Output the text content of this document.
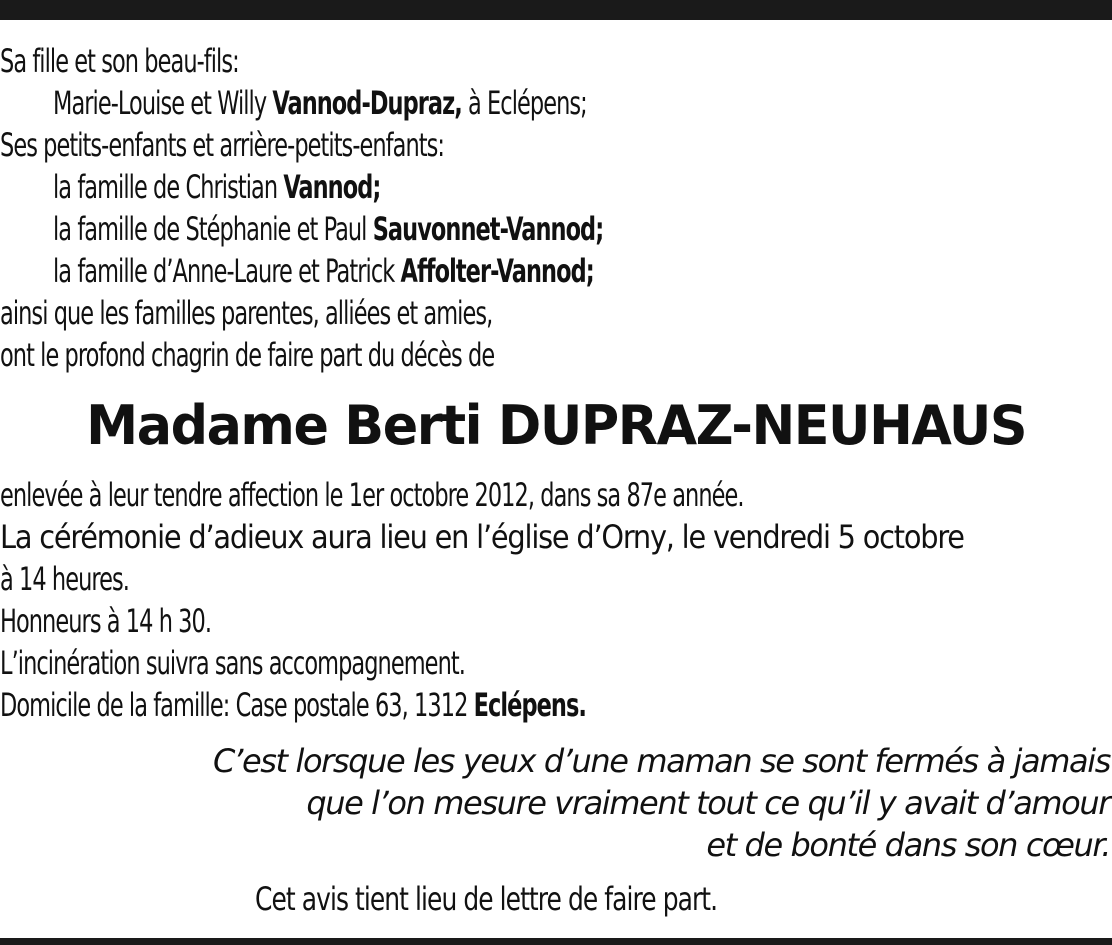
Sa fille et son beau-fils:
Marie-Louise et Willy Vannod-Dupraz, à Eclépens;
Ses petits-enfants et arrière-petits-enfants:
la famille de Christian Vannod;
la famille de Stéphanie et Paul Sauvonnet-Vannod;
la famille d’Anne-Laure et Patrick Affolter-Vannod;
ainsi que les familles parentes, alliées et amies,
ont le profond chagrin de faire part du décès de
Madame Berti DUPRAZ-NEUHAUS
enlevée à leur tendre affection le 1er octobre 2012, dans sa 87e année.
La cérémonie d’adieux aura lieu en l’église d’Orny, le vendredi 5 octobre
à 14 heures.
Honneurs à 14 h 30.
L’incinération suivra sans accompagnement.
Domicile de la famille: Case postale 63, 1312 Eclépens.
C’est lorsque les yeux d’une maman se sont fermés à jamais
que l’on mesure vraiment tout ce qu’il y avait d’amour
et de bonté dans son cœur.
Cet avis tient lieu de lettre de faire part.
